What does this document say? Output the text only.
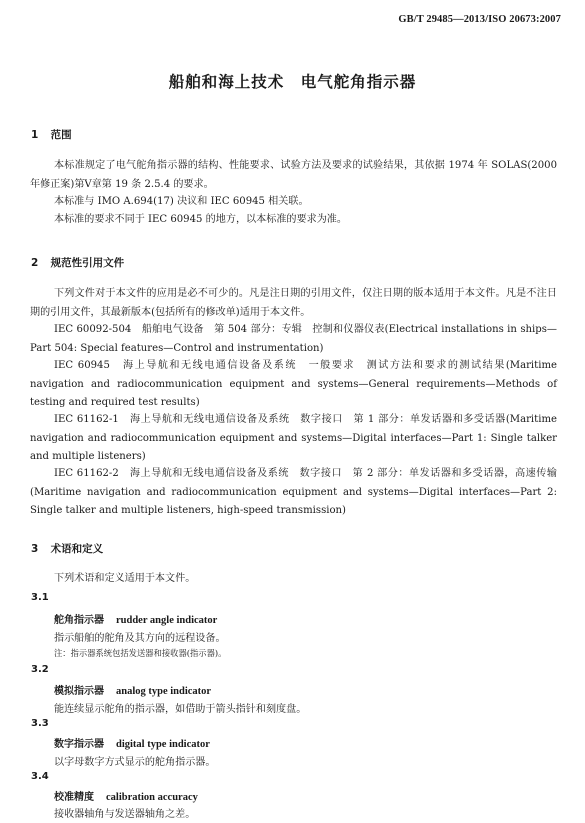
GB/T 29485—2013/ISO 20673:2007
船舶和海上技术　电气舵角指示器
1 范围
本标准规定了电气舵角指示器的结构、性能要求、试验方法及要求的试验结果，其依据 1974 年 SOLAS(2000 年修正案)第Ⅴ章第 19 条 2.5.4 的要求。
本标准与 IMO A.694(17) 决议和 IEC 60945 相关联。
本标准的要求不同于 IEC 60945 的地方，以本标准的要求为准。
2 规范性引用文件
下列文件对于本文件的应用是必不可少的。凡是注日期的引用文件，仅注日期的版本适用于本文件。凡是不注日期的引用文件，其最新版本(包括所有的修改单)适用于本文件。
IEC 60092-504　船舶电气设备　第 504 部分：专辑　控制和仪器仪表(Electrical installations in ships—Part 504: Special features—Control and instrumentation)
IEC 60945　海上导航和无线电通信设备及系统　一般要求　测试方法和要求的测试结果(Maritime navigation and radiocommunication equipment and systems—General requirements—Methods of testing and required test results)
IEC 61162-1　海上导航和无线电通信设备及系统　数字接口　第 1 部分：单发话器和多受话器(Maritime navigation and radiocommunication equipment and systems—Digital interfaces—Part 1: Single talker and multiple listeners)
IEC 61162-2　海上导航和无线电通信设备及系统　数字接口　第 2 部分：单发话器和多受话器，高速传输(Maritime navigation and radiocommunication equipment and systems—Digital interfaces—Part 2: Single talker and multiple listeners, high-speed transmission)
3 术语和定义
下列术语和定义适用于本文件。
3.1
舵角指示器 rudder angle indicator
指示船舶的舵角及其方向的远程设备。
注：指示器系统包括发送器和接收器(指示器)。
3.2
模拟指示器 analog type indicator
能连续显示舵角的指示器，如借助于箭头指针和刻度盘。
3.3
数字指示器 digital type indicator
以字母数字方式显示的舵角指示器。
3.4
校准精度 calibration accuracy
接收器轴角与发送器轴角之差。
